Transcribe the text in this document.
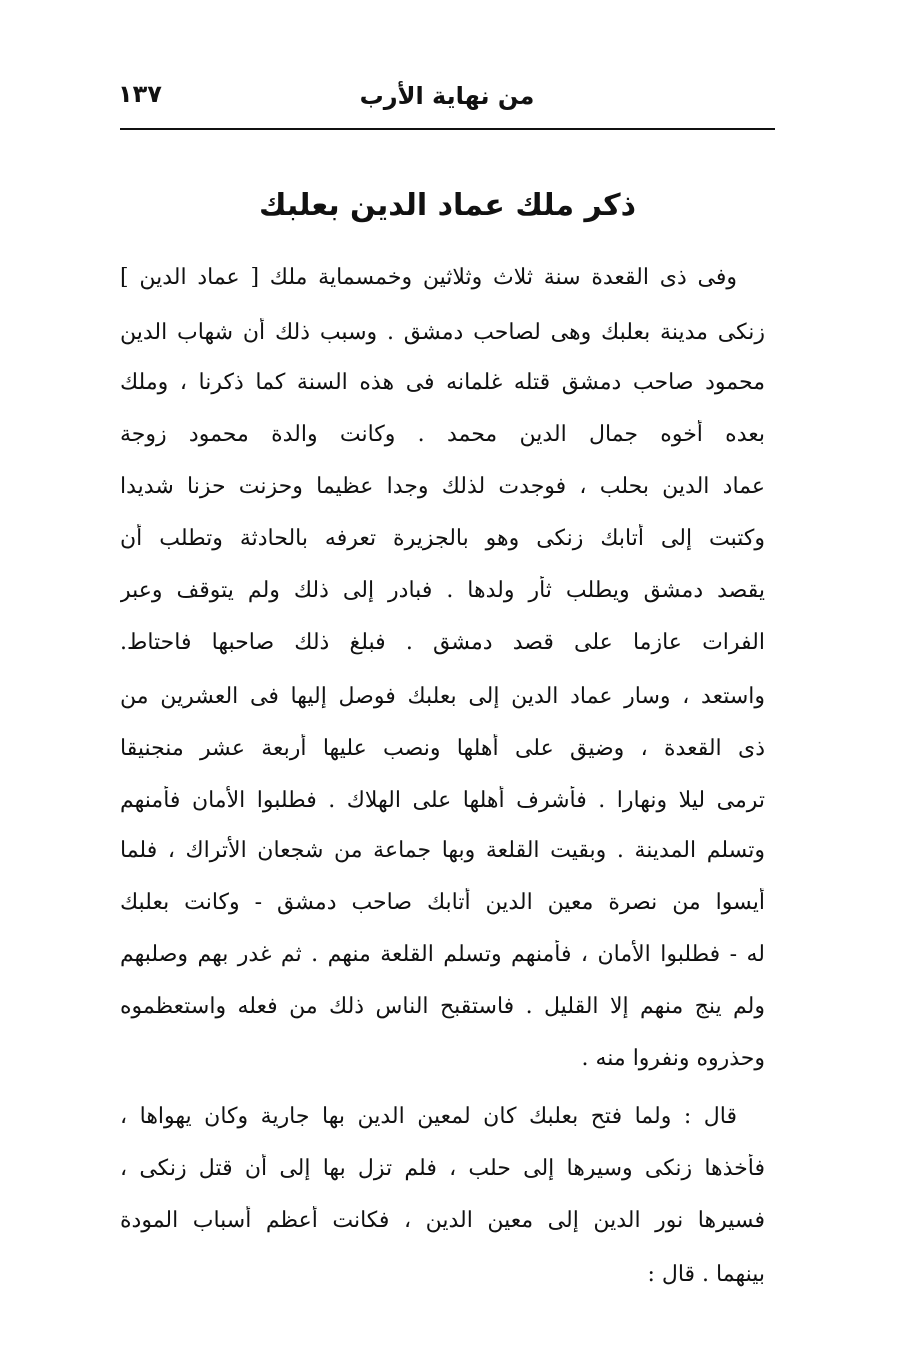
١٣٧	من نهاية الأرب
ذكر ملك عماد الدين بعلبك
وفى ذى القعدة سنة ثلاث وثلاثين وخمسماية ملك [ عماد الدين ]
زنكى مدينة بعلبك وهى لصاحب دمشق . وسبب ذلك أن شهاب الدين
محمود صاحب دمشق قتله غلمانه فى هذه السنة كما ذكرنا ، وملك
بعده أخوه جمال الدين محمد . وكانت والدة محمود زوجة
عماد الدين بحلب ، فوجدت لذلك وجدا عظيما وحزنت حزنا شديدا
وكتبت إلى أتابك زنكى وهو بالجزيرة تعرفه بالحادثة وتطلب أن
يقصد دمشق ويطلب ثأر ولدها . فبادر إلى ذلك ولم يتوقف وعبر
الفرات عازما على قصد دمشق . فبلغ ذلك صاحبها فاحتاط.
واستعد ، وسار عماد الدين إلى بعلبك فوصل إليها فى العشرين من
ذى القعدة ، وضيق على أهلها ونصب عليها أربعة عشر منجنيقا
ترمى ليلا ونهارا . فأشرف أهلها على الهلاك . فطلبوا الأمان فأمنهم
وتسلم المدينة . وبقيت القلعة وبها جماعة من شجعان الأتراك ، فلما
أيسوا من نصرة معين الدين أتابك صاحب دمشق - وكانت بعلبك
له - فطلبوا الأمان ، فأمنهم وتسلم القلعة منهم . ثم غدر بهم وصلبهم
ولم ينج منهم إلا القليل . فاستقبح الناس ذلك من فعله واستعظموه
وحذروه ونفروا منه .
قال : ولما فتح بعلبك كان لمعين الدين بها جارية وكان يهواها ،
فأخذها زنكى وسيرها إلى حلب ، فلم تزل بها إلى أن قتل زنكى ،
فسيرها نور الدين إلى معين الدين ، فكانت أعظم أسباب المودة
بينهما . قال :
